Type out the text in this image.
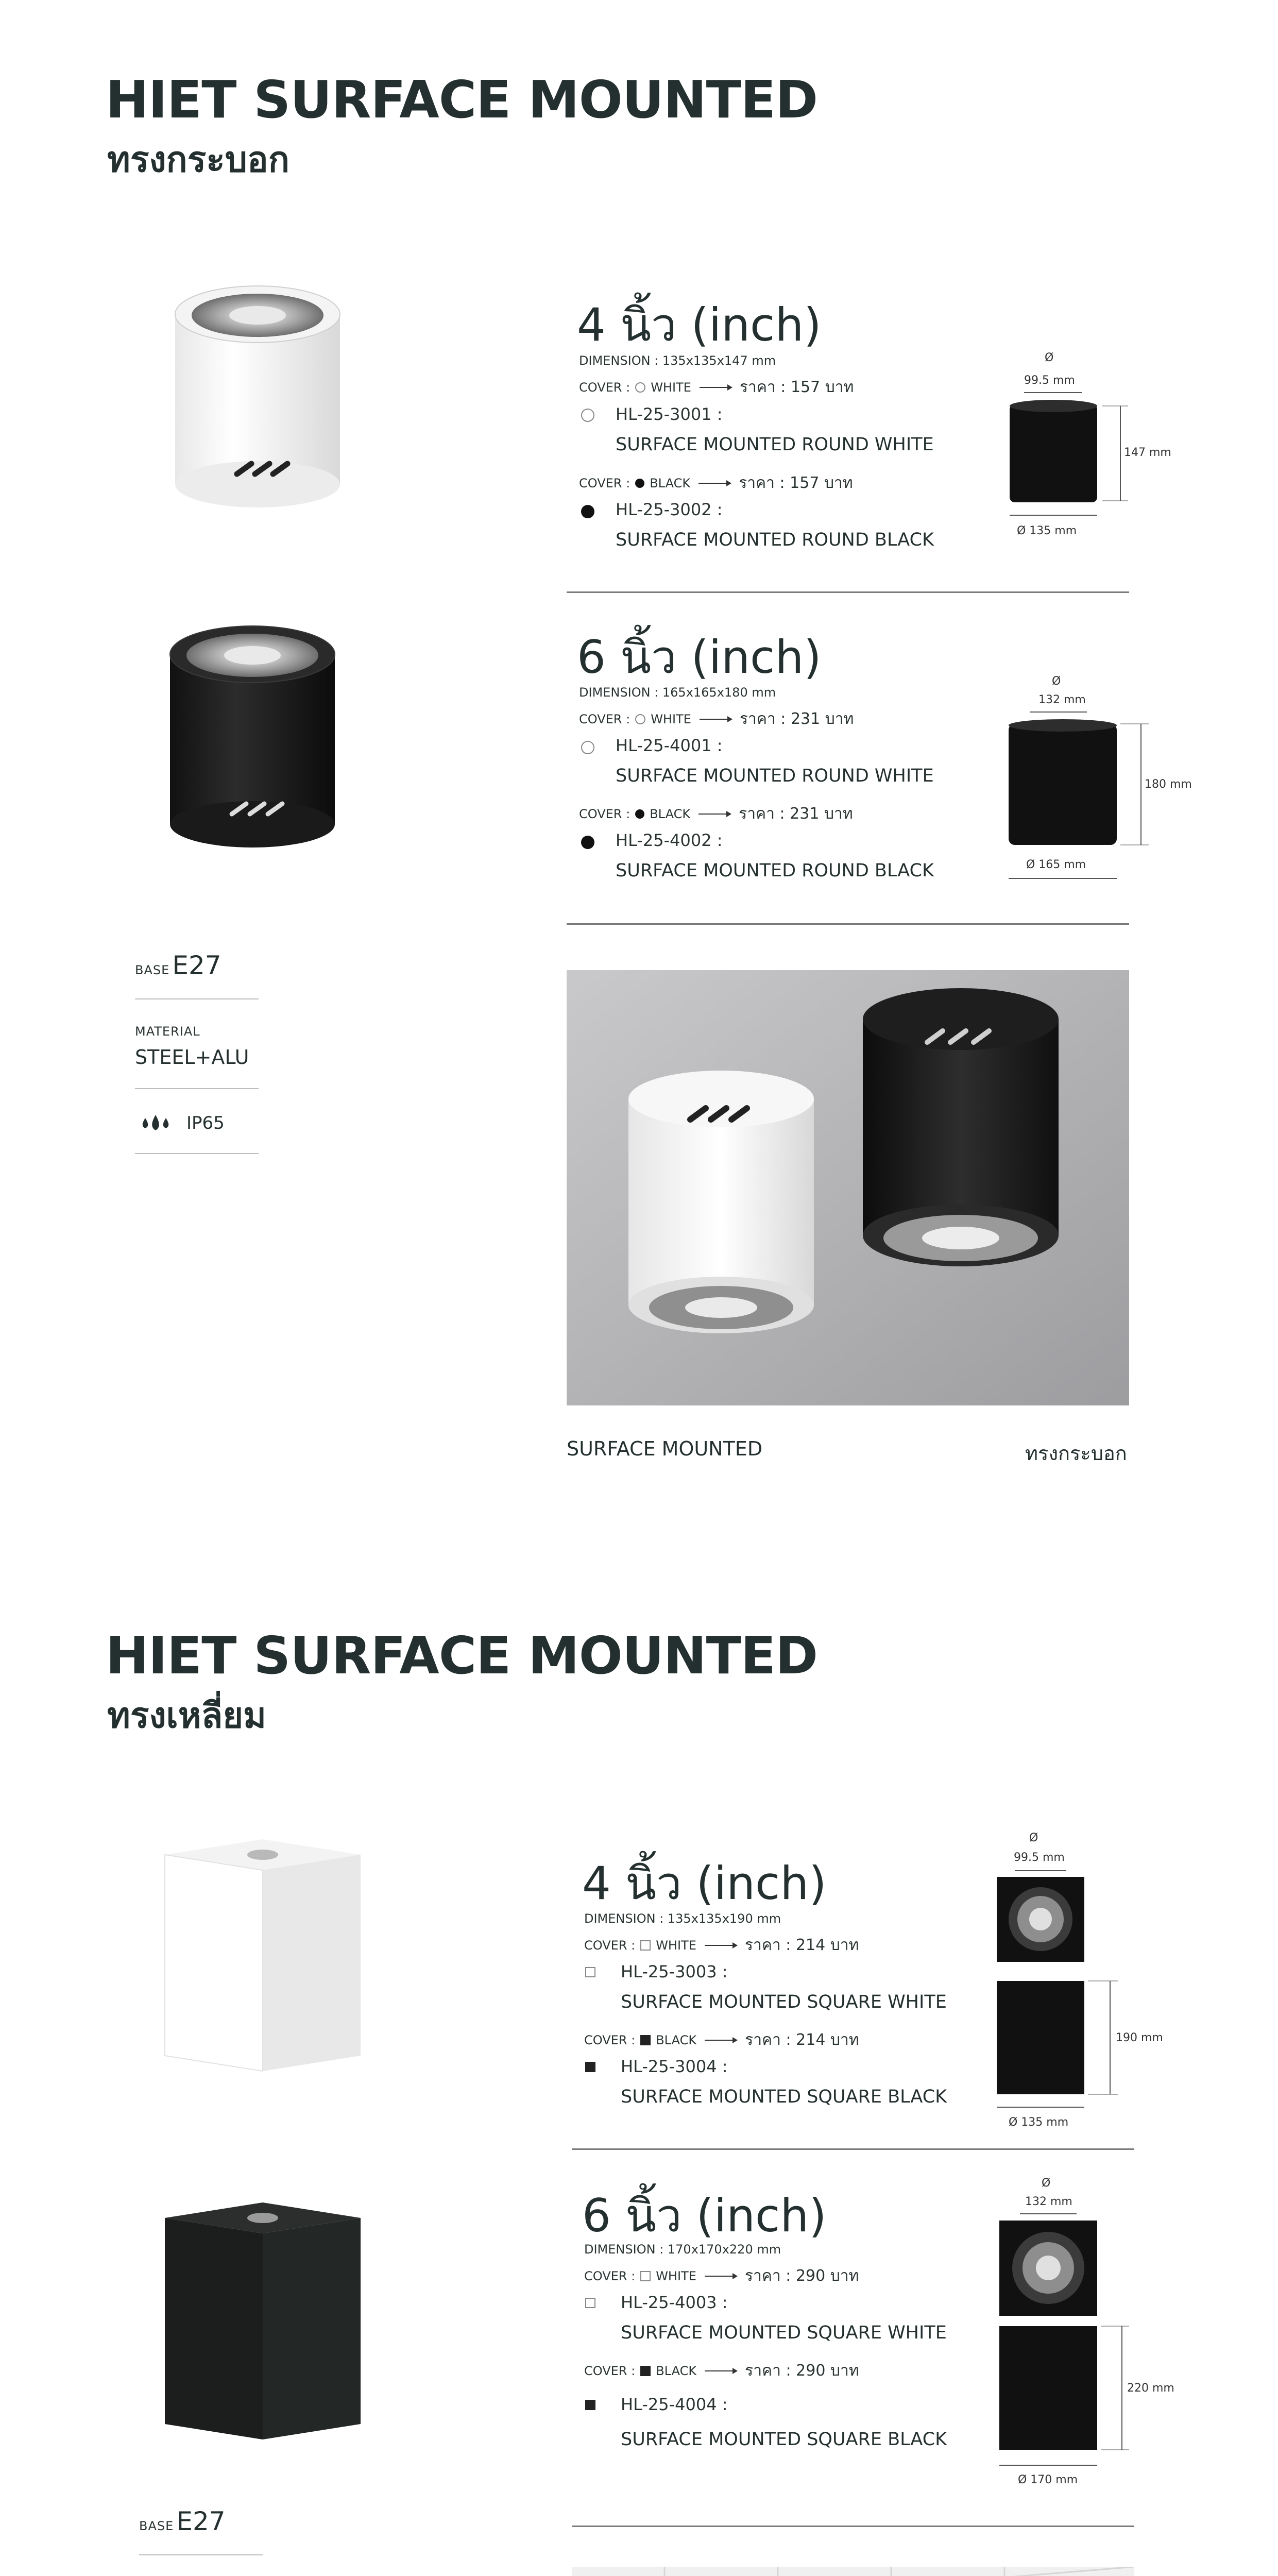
HIET SURFACE MOUNTED
ทรงกระบอก
4 นิ้ว (inch)
DIMENSION : 135x135x147 mm
COVER : WHITE	ราคา : 157 บาท
HL-25-3001 :
SURFACE MOUNTED ROUND WHITE
COVER : BLACK	ราคา : 157 บาท
HL-25-3002 :
SURFACE MOUNTED ROUND BLACK
Ø
99.5 mm
147 mm
Ø 135 mm
6 นิ้ว (inch)
DIMENSION : 165x165x180 mm
COVER : WHITE	ราคา : 231 บาท
HL-25-4001 :
SURFACE MOUNTED ROUND WHITE
COVER : BLACK	ราคา : 231 บาท
HL-25-4002 :
SURFACE MOUNTED ROUND BLACK
Ø
132 mm
180 mm
Ø 165 mm
BASE E27
MATERIAL
STEEL+ALU
IP65
SURFACE MOUNTED	ทรงกระบอก
HIET SURFACE MOUNTED
ทรงเหลี่ยม
4 นิ้ว (inch)
DIMENSION : 135x135x190 mm
COVER : WHITE	ราคา : 214 บาท
HL-25-3003 :
SURFACE MOUNTED SQUARE WHITE
COVER : BLACK	ราคา : 214 บาท
HL-25-3004 :
SURFACE MOUNTED SQUARE BLACK
Ø
99.5 mm
190 mm
Ø 135 mm
6 นิ้ว (inch)
DIMENSION : 170x170x220 mm
COVER : WHITE	ราคา : 290 บาท
HL-25-4003 :
SURFACE MOUNTED SQUARE WHITE
COVER : BLACK	ราคา : 290 บาท
HL-25-4004 :
SURFACE MOUNTED SQUARE BLACK
Ø
132 mm
220 mm
Ø 170 mm
BASE E27
